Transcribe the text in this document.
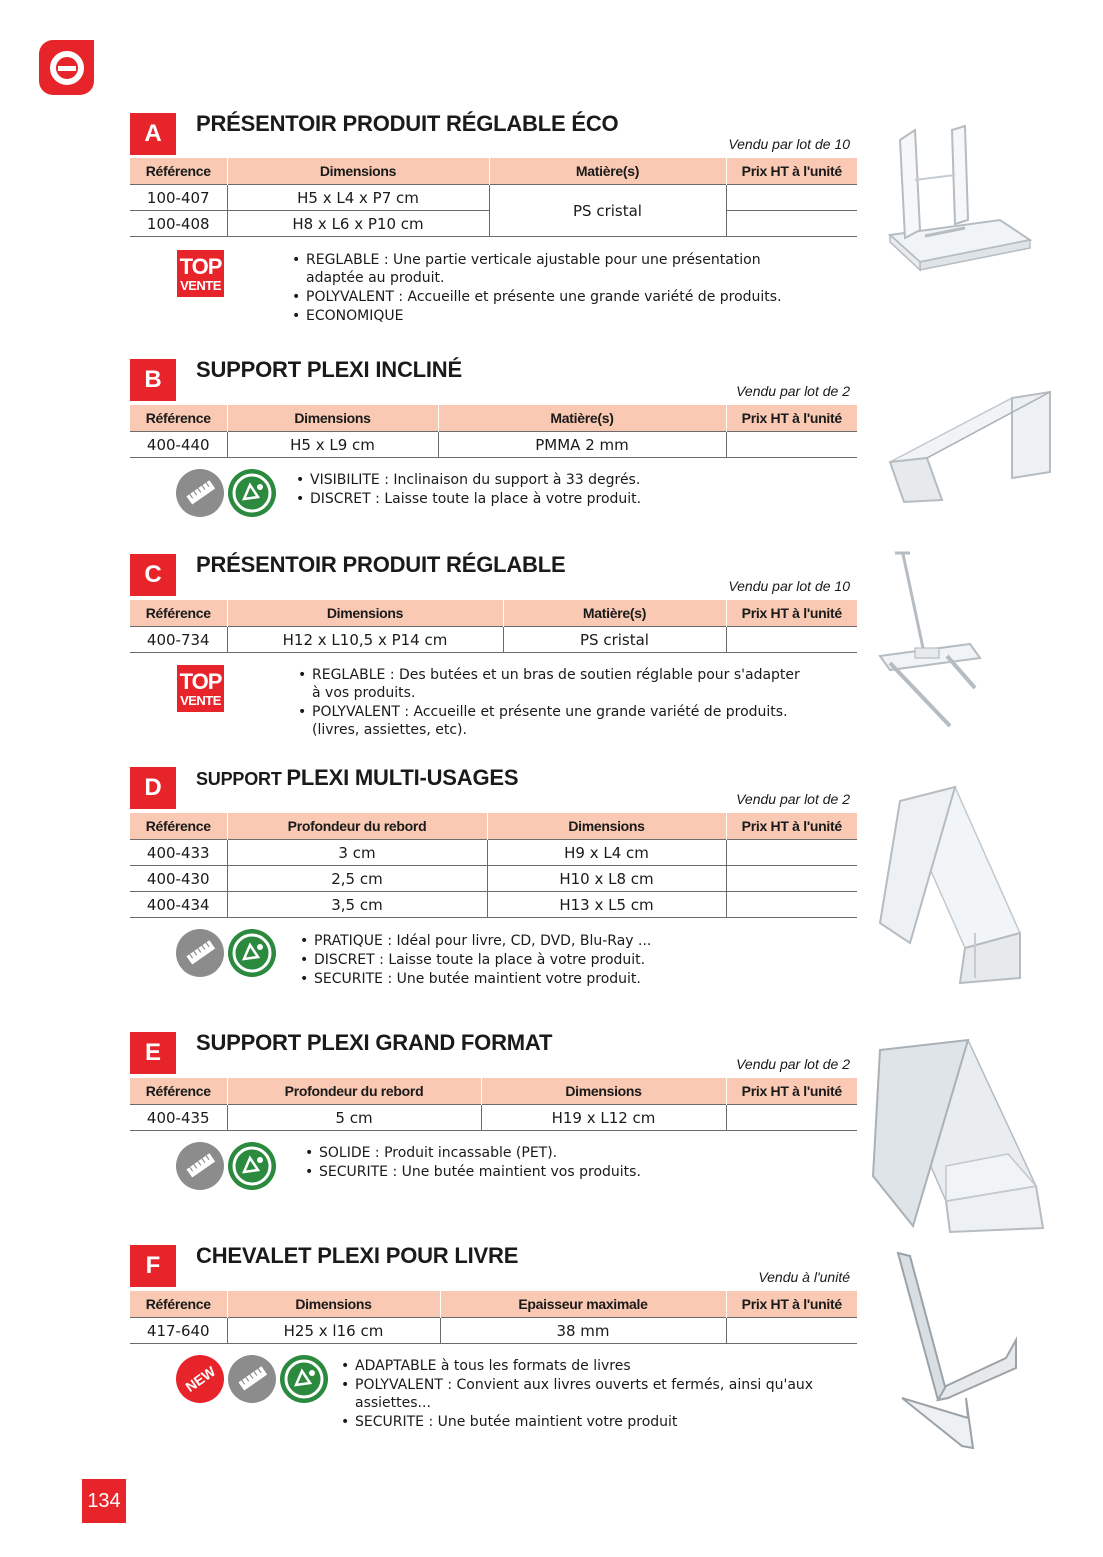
A	PRÉSENTOIR PRODUIT RÉGLABLE ÉCO
Vendu par lot de 10
Référence	Dimensions	Matière(s)	Prix HT à l'unité
100-407	H5 x L4 x P7 cm	PS cristal	
100-408	H8 x L6 x P10 cm		
TOP
VENTE
• REGLABLE : Une partie verticale ajustable pour une présentation adaptée au produit.
• POLYVALENT : Accueille et présente une grande variété de produits.
• ECONOMIQUE
B	SUPPORT PLEXI INCLINÉ
Vendu par lot de 2
Référence	Dimensions	Matière(s)	Prix HT à l'unité
400-440	H5 x L9 cm	PMMA 2 mm	
• VISIBILITE : Inclinaison du support à 33 degrés.
• DISCRET : Laisse toute la place à votre produit.
C	PRÉSENTOIR PRODUIT RÉGLABLE
Vendu par lot de 10
Référence	Dimensions	Matière(s)	Prix HT à l'unité
400-734	H12 x L10,5 x P14 cm	PS cristal	
TOP
VENTE
• REGLABLE : Des butées et un bras de soutien réglable pour s'adapter à vos produits.
• POLYVALENT : Accueille et présente une grande variété de produits. (livres, assiettes, etc).
D	SUPPORT PLEXI MULTI-USAGES
Vendu par lot de 2
Référence	Profondeur du rebord	Dimensions	Prix HT à l'unité
400-433	3 cm	H9 x L4 cm	
400-430	2,5 cm	H10 x L8 cm	
400-434	3,5 cm	H13 x L5 cm	
• PRATIQUE : Idéal pour livre, CD, DVD, Blu-Ray ...
• DISCRET : Laisse toute la place à votre produit.
• SECURITE : Une butée maintient votre produit.
E	SUPPORT PLEXI GRAND FORMAT
Vendu par lot de 2
Référence	Profondeur du rebord	Dimensions	Prix HT à l'unité
400-435	5 cm	H19 x L12 cm	
• SOLIDE : Produit incassable (PET).
• SECURITE : Une butée maintient vos produits.
F	CHEVALET PLEXI POUR LIVRE
Vendu à l'unité
Référence	Dimensions	Epaisseur maximale	Prix HT à l'unité
417-640	H25 x l16 cm	38 mm	
NEW	• ADAPTABLE à tous les formats de livres
• POLYVALENT : Convient aux livres ouverts et fermés, ainsi qu'aux assiettes...
• SECURITE : Une butée maintient votre produit
134
